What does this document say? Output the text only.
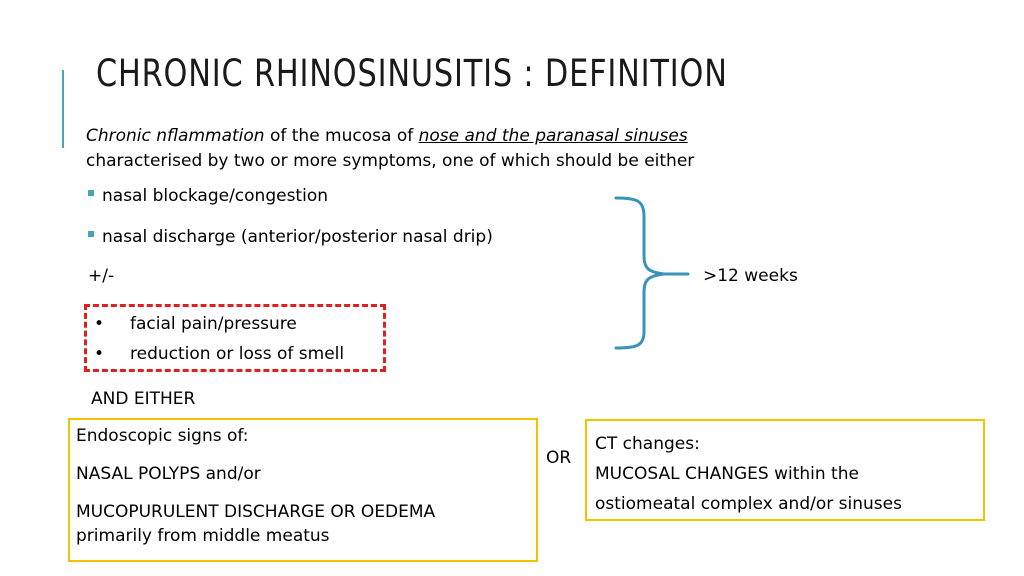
CHRONIC RHINOSINUSITIS : DEFINITION
Chronic nflammation of the mucosa of nose and the paranasal sinuses
characterised by two or more symptoms, one of which should be either
nasal blockage/congestion
nasal discharge (anterior/posterior nasal drip)
+/-
• facial pain/pressure
• reduction or loss of smell
>12 weeks
AND EITHER
Endoscopic signs of:
NASAL POLYPS and/or
MUCOPURULENT DISCHARGE OR OEDEMA
primarily from middle meatus
OR
CT changes:
MUCOSAL CHANGES within the
ostiomeatal complex and/or sinuses
